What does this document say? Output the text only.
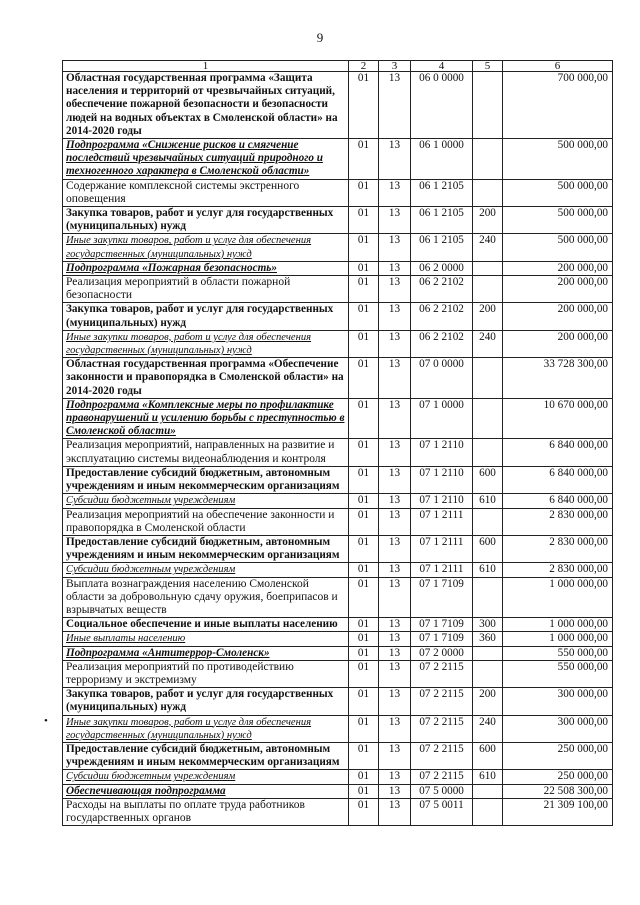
9
1	2	3	4	5	6
Областная государственная программа «Защита населения и территорий от чрезвычайных ситуаций, обеспечение пожарной безопасности и безопасности людей на водных объектах в Смоленской области» на 2014-2020 годы	01	13	06 0 0000		700 000,00
Подпрограмма «Снижение рисков и смягчение последствий чрезвычайных ситуаций природного и техногенного характера в Смоленской области»	01	13	06 1 0000		500 000,00
Содержание комплексной системы экстренного оповещения	01	13	06 1 2105		500 000,00
Закупка товаров, работ и услуг для государственных (муниципальных) нужд	01	13	06 1 2105	200	500 000,00
Иные закупки товаров, работ и услуг для обеспечения государственных (муниципальных) нужд	01	13	06 1 2105	240	500 000,00
Подпрограмма «Пожарная безопасность»	01	13	06 2 0000		200 000,00
Реализация мероприятий в области пожарной безопасности	01	13	06 2 2102		200 000,00
Закупка товаров, работ и услуг для государственных (муниципальных) нужд	01	13	06 2 2102	200	200 000,00
Иные закупки товаров, работ и услуг для обеспечения государственных (муниципальных) нужд	01	13	06 2 2102	240	200 000,00
Областная государственная программа «Обеспечение законности и правопорядка в Смоленской области» на 2014-2020 годы	01	13	07 0 0000		33 728 300,00
Подпрограмма «Комплексные меры по профилактике правонарушений и усилению борьбы с преступностью в Смоленской области»	01	13	07 1 0000		10 670 000,00
Реализация мероприятий, направленных на развитие и эксплуатацию системы видеонаблюдения и контроля	01	13	07 1 2110		6 840 000,00
Предоставление субсидий бюджетным, автономным учреждениям и иным некоммерческим организациям	01	13	07 1 2110	600	6 840 000,00
Субсидии бюджетным учреждениям	01	13	07 1 2110	610	6 840 000,00
Реализация мероприятий на обеспечение законности и правопорядка в Смоленской области	01	13	07 1 2111		2 830 000,00
Предоставление субсидий бюджетным, автономным учреждениям и иным некоммерческим организациям	01	13	07 1 2111	600	2 830 000,00
Субсидии бюджетным учреждениям	01	13	07 1 2111	610	2 830 000,00
Выплата вознаграждения населению Смоленской области за добровольную сдачу оружия, боеприпасов и взрывчатых веществ	01	13	07 1 7109		1 000 000,00
Социальное обеспечение и иные выплаты населению	01	13	07 1 7109	300	1 000 000,00
Иные выплаты населению	01	13	07 1 7109	360	1 000 000,00
Подпрограмма «Антитеррор-Смоленск»	01	13	07 2 0000		550 000,00
Реализация мероприятий по противодействию терроризму и экстремизму	01	13	07 2 2115		550 000,00
Закупка товаров, работ и услуг для государственных (муниципальных) нужд	01	13	07 2 2115	200	300 000,00
Иные закупки товаров, работ и услуг для обеспечения государственных (муниципальных) нужд	01	13	07 2 2115	240	300 000,00
Предоставление субсидий бюджетным, автономным учреждениям и иным некоммерческим организациям	01	13	07 2 2115	600	250 000,00
Субсидии бюджетным учреждениям	01	13	07 2 2115	610	250 000,00
Обеспечивающая подпрограмма	01	13	07 5 0000		22 508 300,00
Расходы на выплаты по оплате труда работников государственных органов	01	13	07 5 0011		21 309 100,00
•
